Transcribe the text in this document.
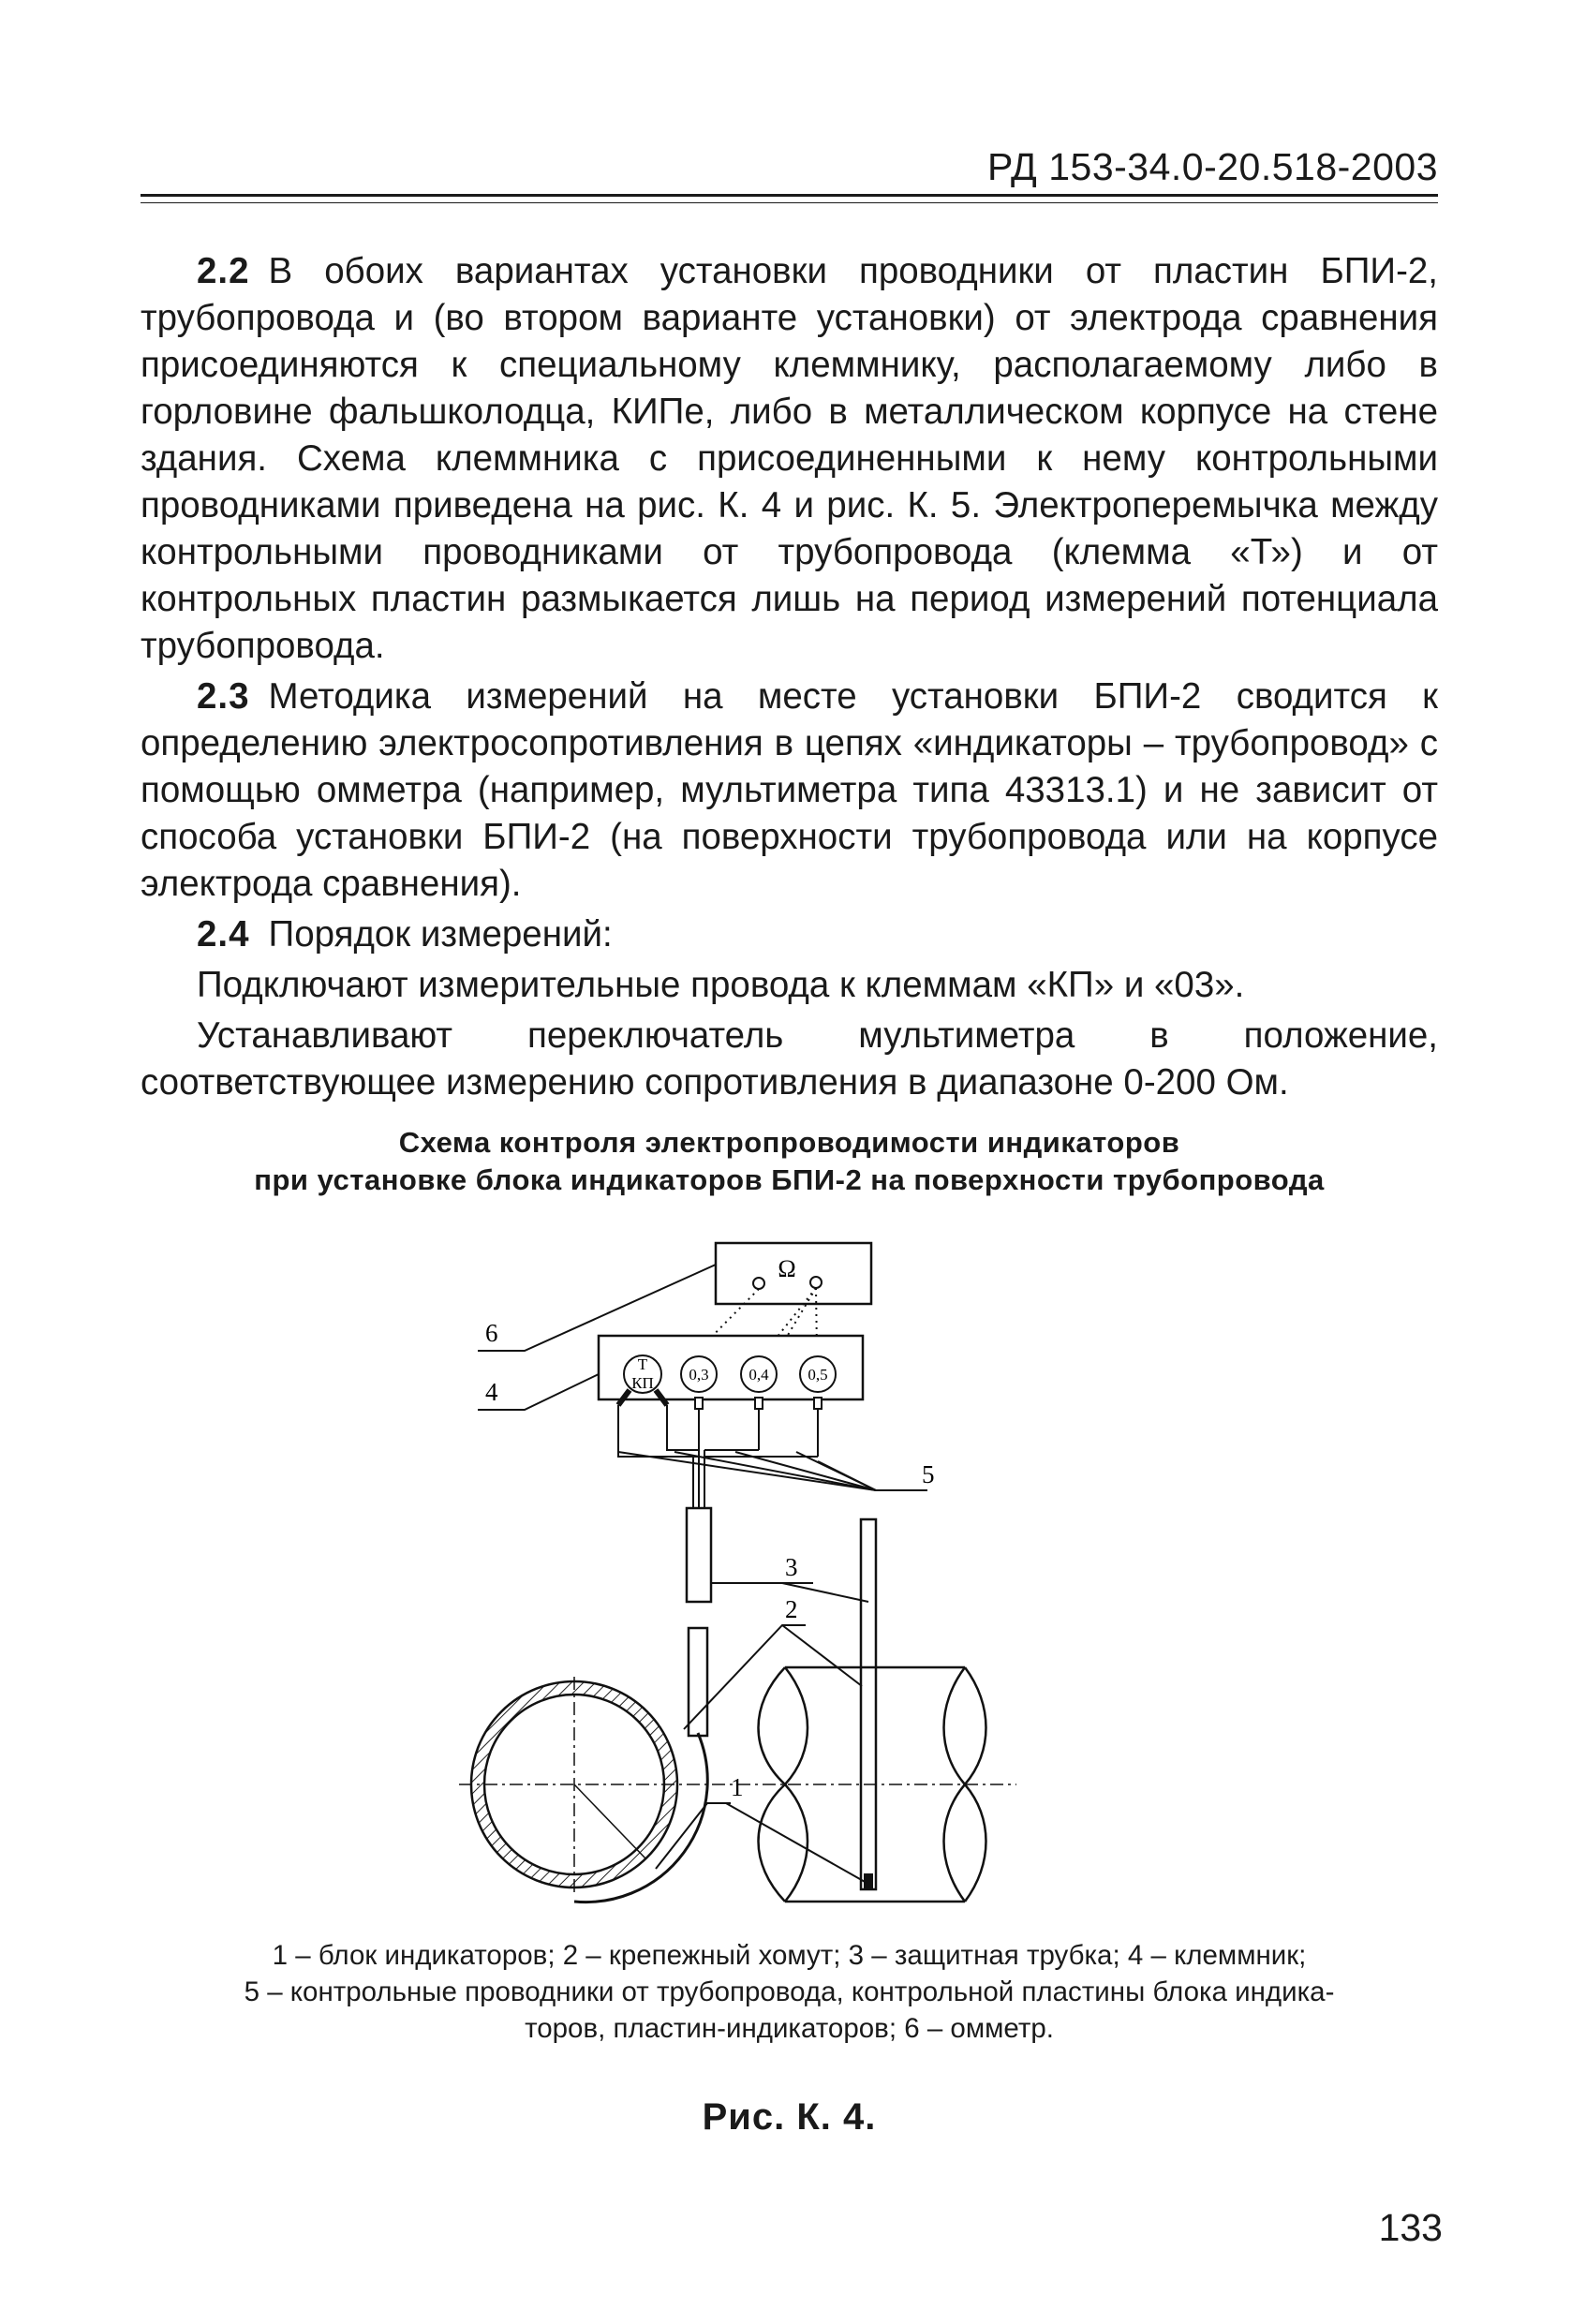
РД 153-34.0-20.518-2003

2.2 В обоих вариантах установки проводники от пластин БПИ-2, трубопровода и (во втором варианте установки) от электрода сравнения присоединяются к специальному клеммнику, располагаемому либо в горловине фальшколодца, КИПе, либо в металлическом корпусе на стене здания. Схема клеммника с присоединенными к нему контрольными проводниками приведена на рис. К. 4 и рис. К. 5. Электроперемычка между контрольными проводниками от трубопровода (клемма «Т») и от контрольных пластин размыкается лишь на период измерений потенциала трубопровода.

2.3 Методика измерений на месте установки БПИ-2 сводится к определению электросопротивления в цепях «индикаторы – трубопровод» с помощью омметра (например, мультиметра типа 43313.1) и не зависит от способа установки БПИ-2 (на поверхности трубопровода или на корпусе электрода сравнения).

2.4 Порядок измерений:

Подключают измерительные провода к клеммам «КП» и «03».

Устанавливают переключатель мультиметра в положение, соответствующее измерению сопротивления в диапазоне 0-200 Ом.

Схема контроля электропроводимости индикаторов
при установке блока индикаторов БПИ-2 на поверхности трубопровода
Ω
Т
КП 0,3	0,4 0,5
6
4
5
3
2
1
1 – блок индикаторов; 2 – крепежный хомут; 3 – защитная трубка; 4 – клеммник;
5 – контрольные проводники от трубопровода, контрольной пластины блока индика-
торов, пластин-индикаторов; 6 – омметр.
Рис. К. 4.
133
